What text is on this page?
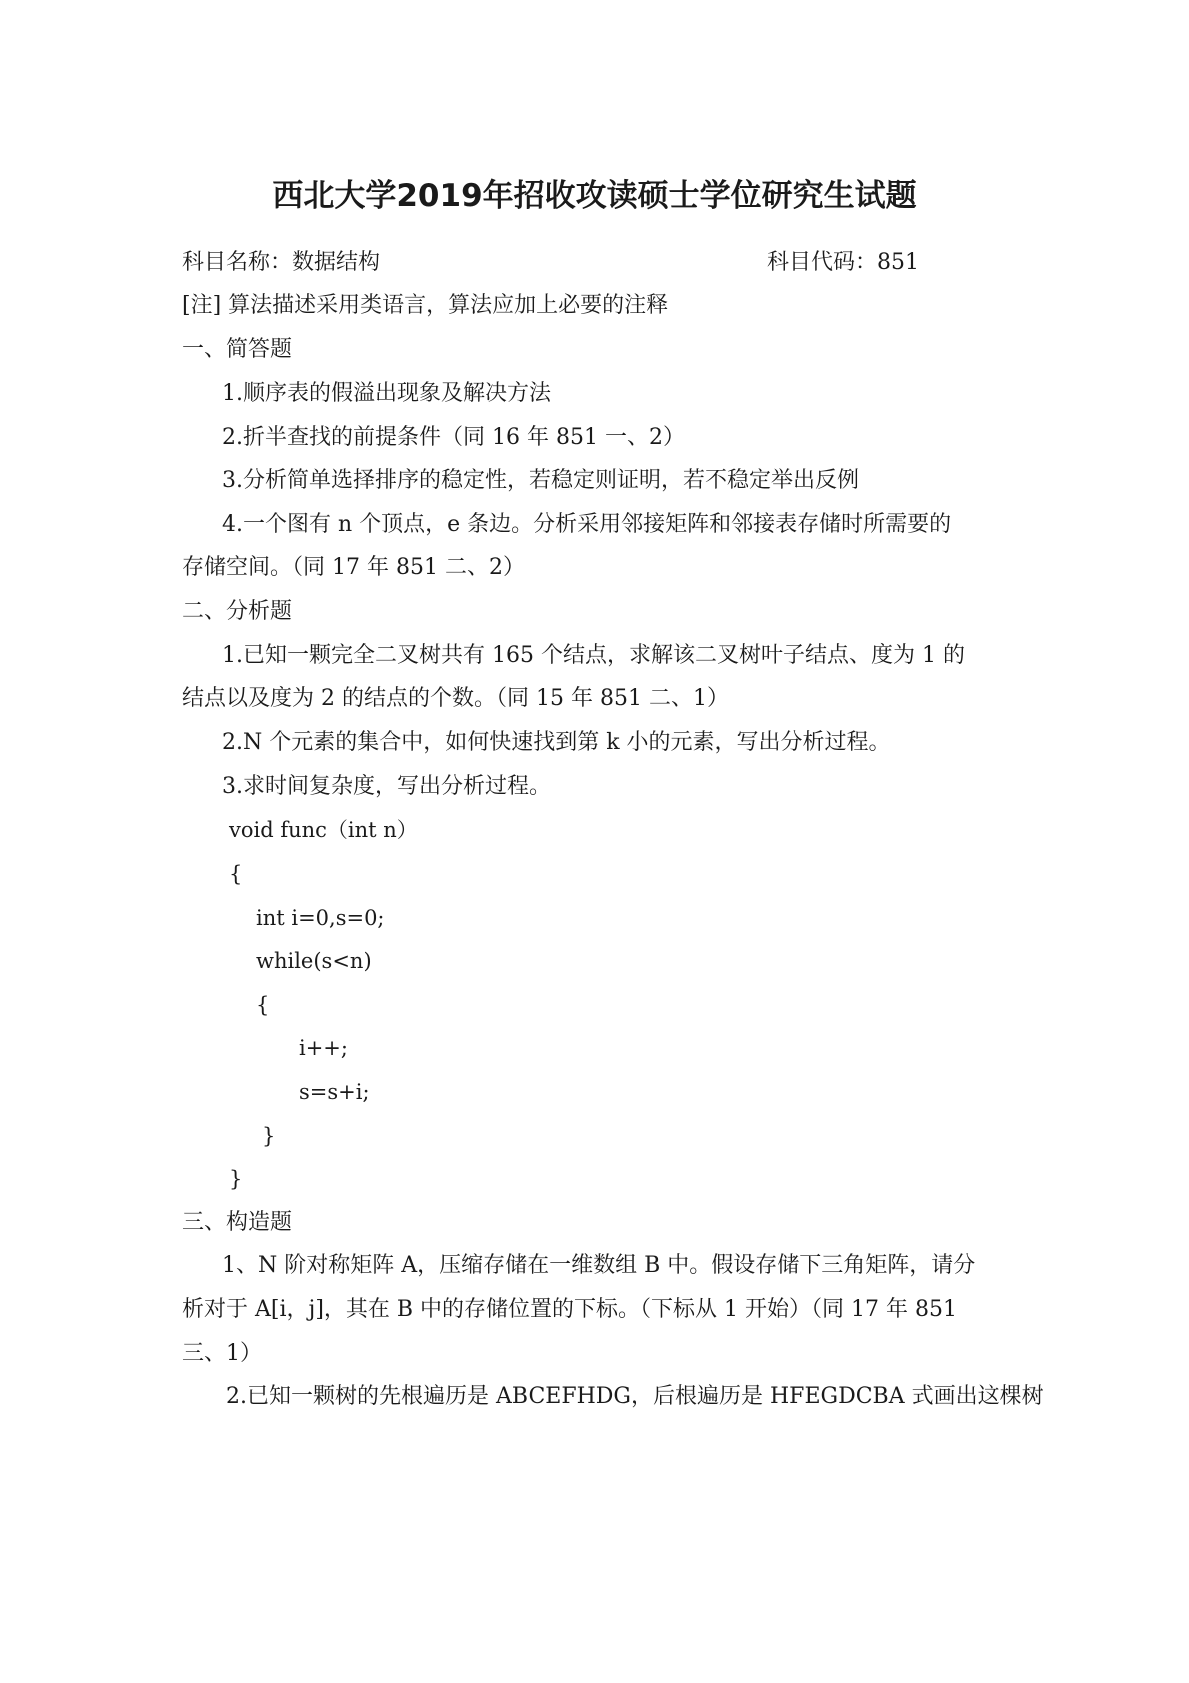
西北大学2019年招收攻读硕士学位研究生试题
科目名称：数据结构	科目代码：851
[注] 算法描述采用类语言，算法应加上必要的注释
一、简答题
1.顺序表的假溢出现象及解决方法
2.折半查找的前提条件（同 16 年 851 一、2）
3.分析简单选择排序的稳定性，若稳定则证明，若不稳定举出反例
4.一个图有 n 个顶点，e 条边。分析采用邻接矩阵和邻接表存储时所需要的
存储空间。（同 17 年 851 二、2）
二、分析题
1.已知一颗完全二叉树共有 165 个结点，求解该二叉树叶子结点、度为 1 的
结点以及度为 2 的结点的个数。（同 15 年 851 二、1）
2.N 个元素的集合中，如何快速找到第 k 小的元素，写出分析过程。
3.求时间复杂度，写出分析过程。
void func（int n）
{
int i=0,s=0;
while(s<n)
{
i++;
s=s+i;
}
}
三、构造题
1、N 阶对称矩阵 A，压缩存储在一维数组 B 中。假设存储下三角矩阵，请分
析对于 A[i，j]，其在 B 中的存储位置的下标。（下标从 1 开始）（同 17 年 851
三、1）
2.已知一颗树的先根遍历是 ABCEFHDG，后根遍历是 HFEGDCBA 式画出这棵树
